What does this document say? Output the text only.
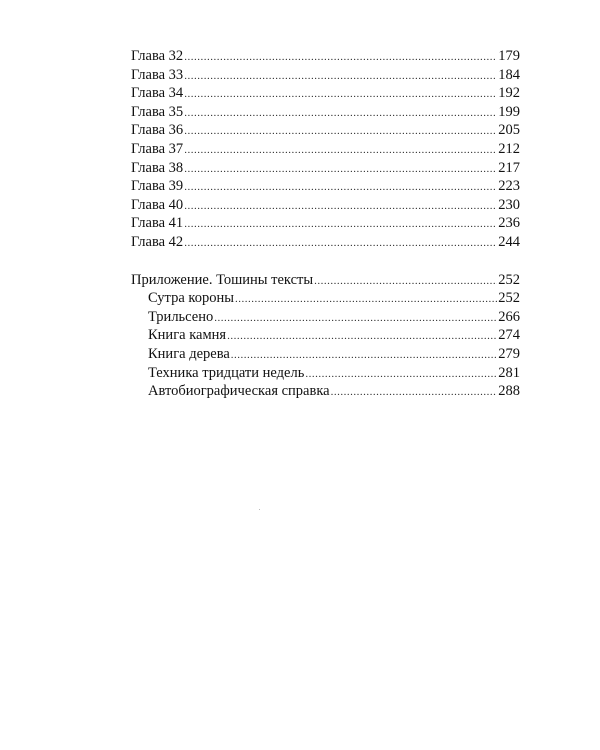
Глава 32 .....	179
Глава 33 .....	184
Глава 34 .....	192
Глава 35 .....	199
Глава 36 .....	205
Глава 37 .....	212
Глава 38 .....	217
Глава 39 .....	223
Глава 40 .....	230
Глава 41 .....	236
Глава 42 .....	244
Приложение. Тошины тексты .....	252
Сутра короны .....	252
Трильсено .....	266
Книга камня .....	274
Книга дерева .....	279
Техника тридцати недель .....	281
Автобиографическая справка .....	288
